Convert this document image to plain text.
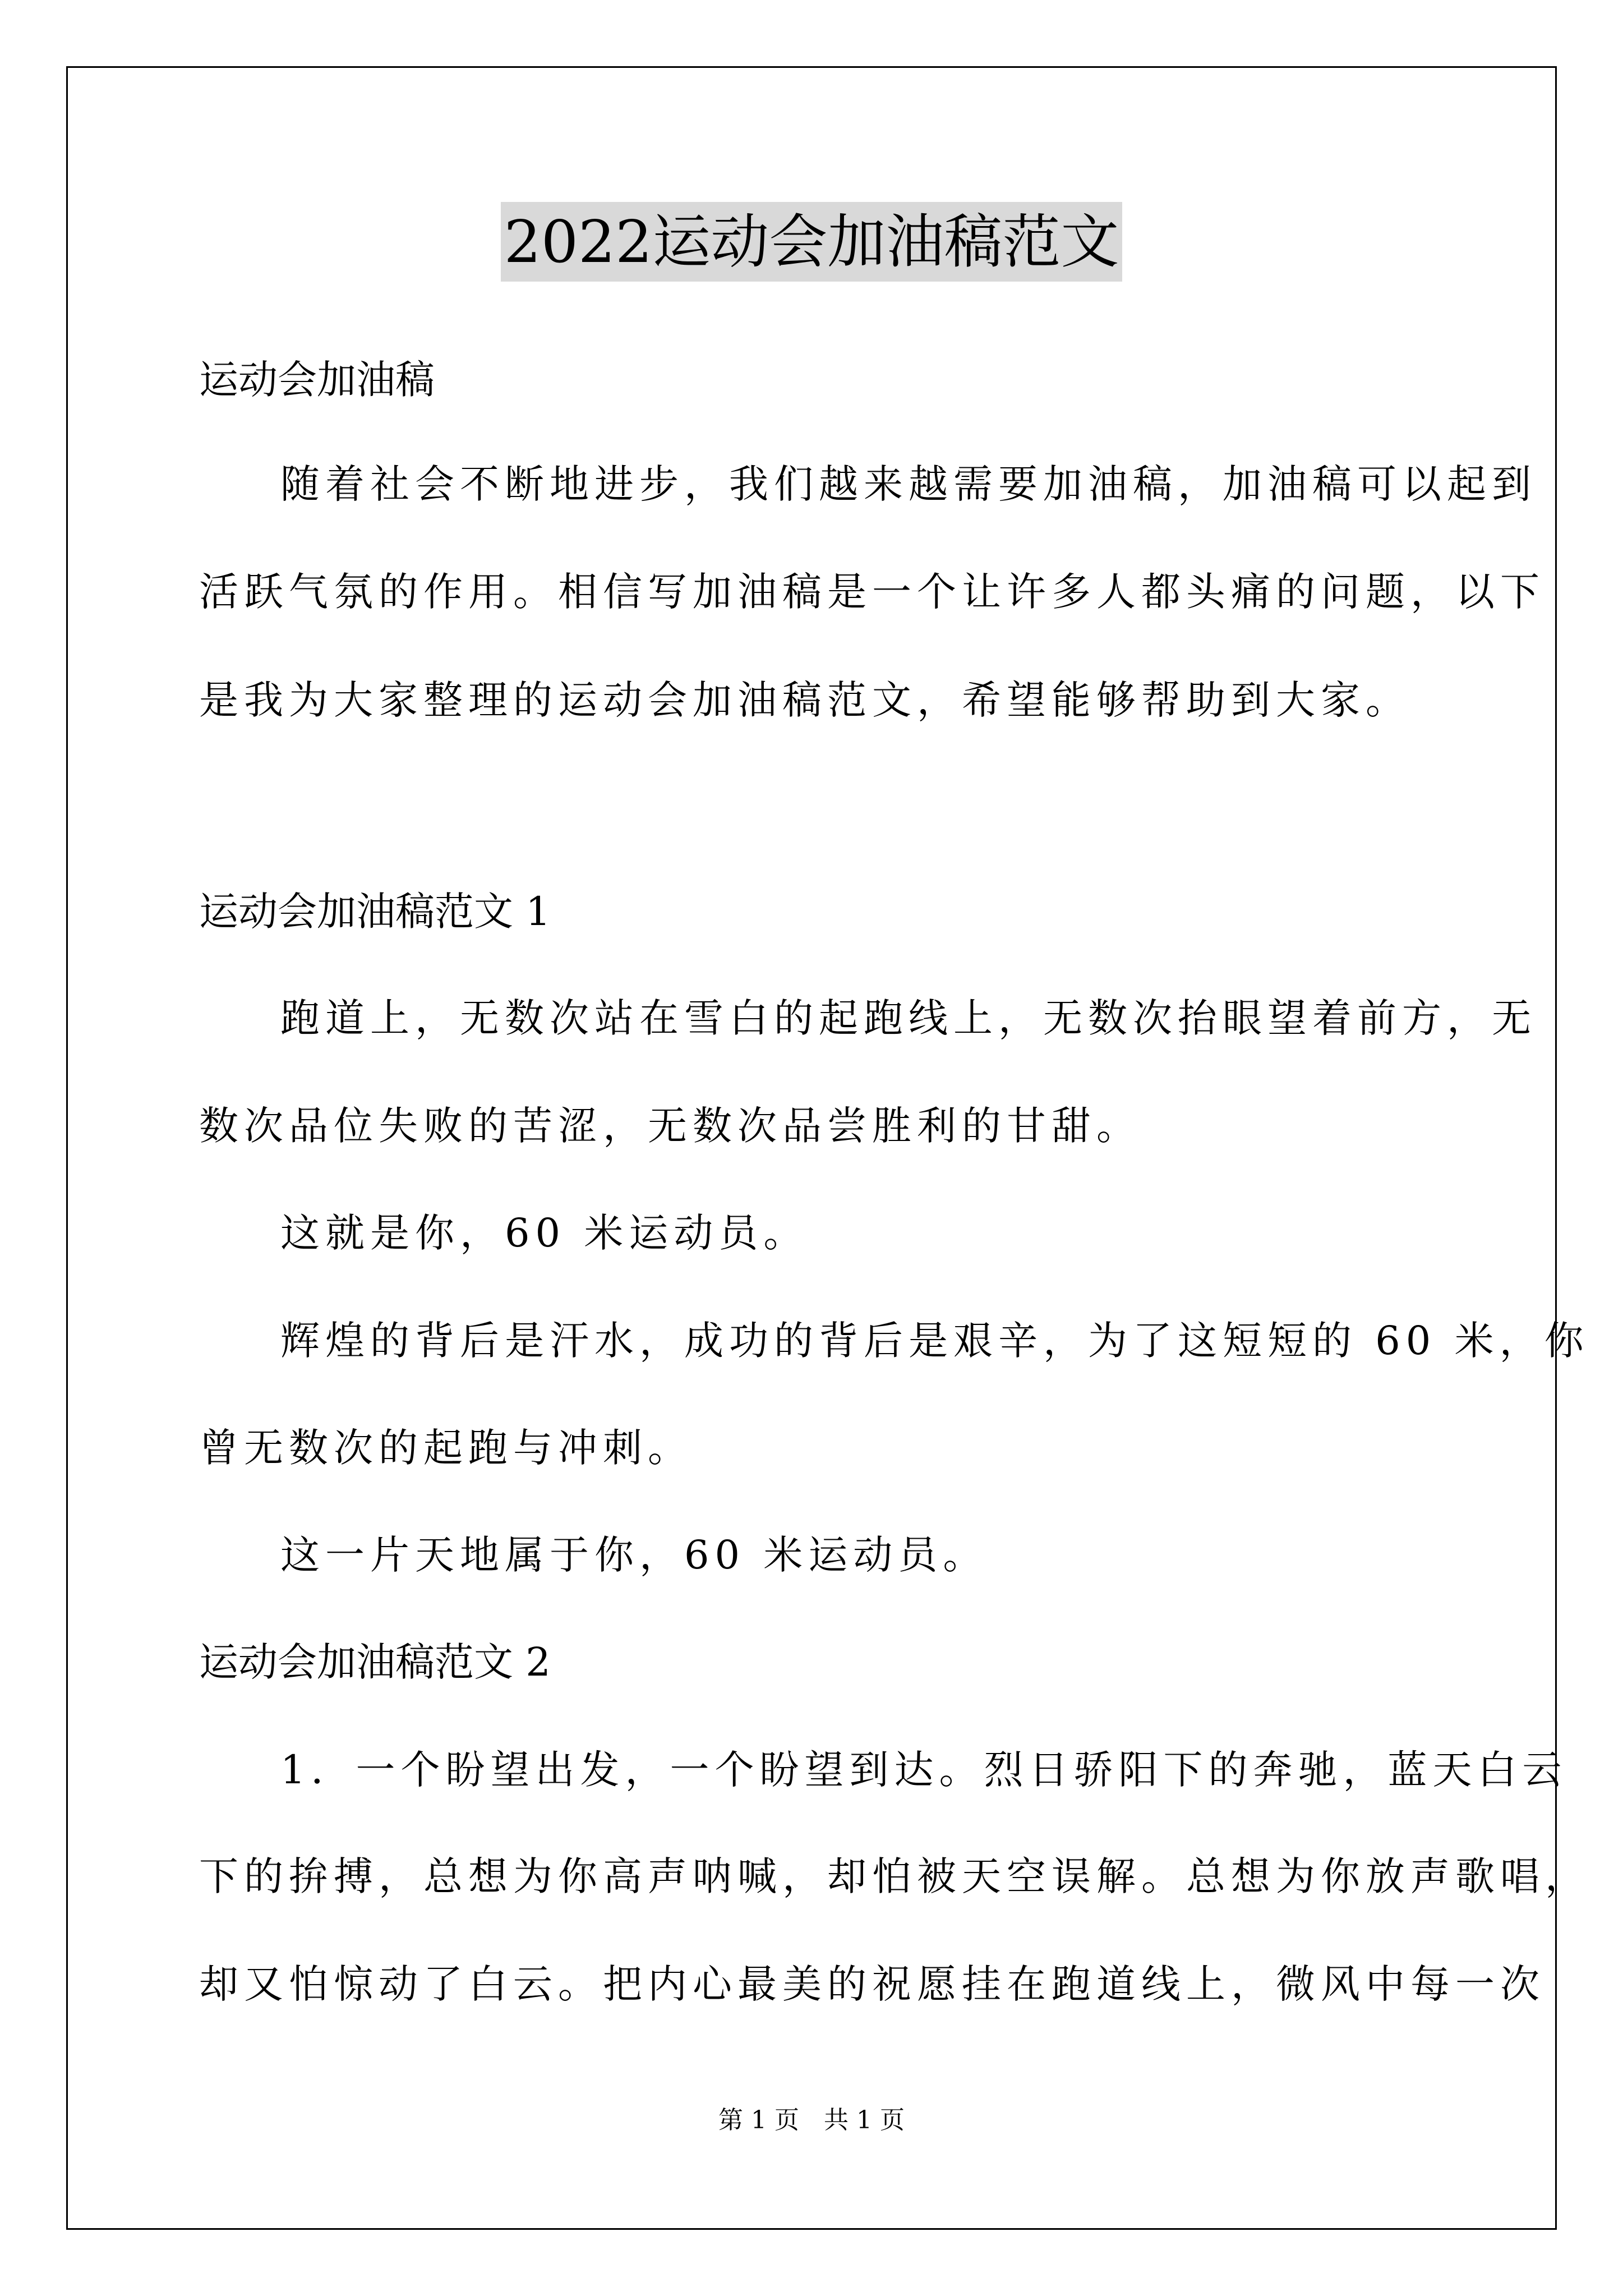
2022运动会加油稿范文
运动会加油稿
随着社会不断地进步，我们越来越需要加油稿，加油稿可以起到
活跃气氛的作用。相信写加油稿是一个让许多人都头痛的问题，以下
是我为大家整理的运动会加油稿范文，希望能够帮助到大家。
运动会加油稿范文 1
跑道上，无数次站在雪白的起跑线上，无数次抬眼望着前方，无
数次品位失败的苦涩，无数次品尝胜利的甘甜。
这就是你，60 米运动员。
辉煌的背后是汗水，成功的背后是艰辛，为了这短短的 60 米，你
曾无数次的起跑与冲刺。
这一片天地属于你，60 米运动员。
运动会加油稿范文 2
1．一个盼望出发，一个盼望到达。烈日骄阳下的奔驰，蓝天白云
下的拚搏，总想为你高声呐喊，却怕被天空误解。总想为你放声歌唱，
却又怕惊动了白云。把内心最美的祝愿挂在跑道线上，微风中每一次
第 1 页　共 1 页
